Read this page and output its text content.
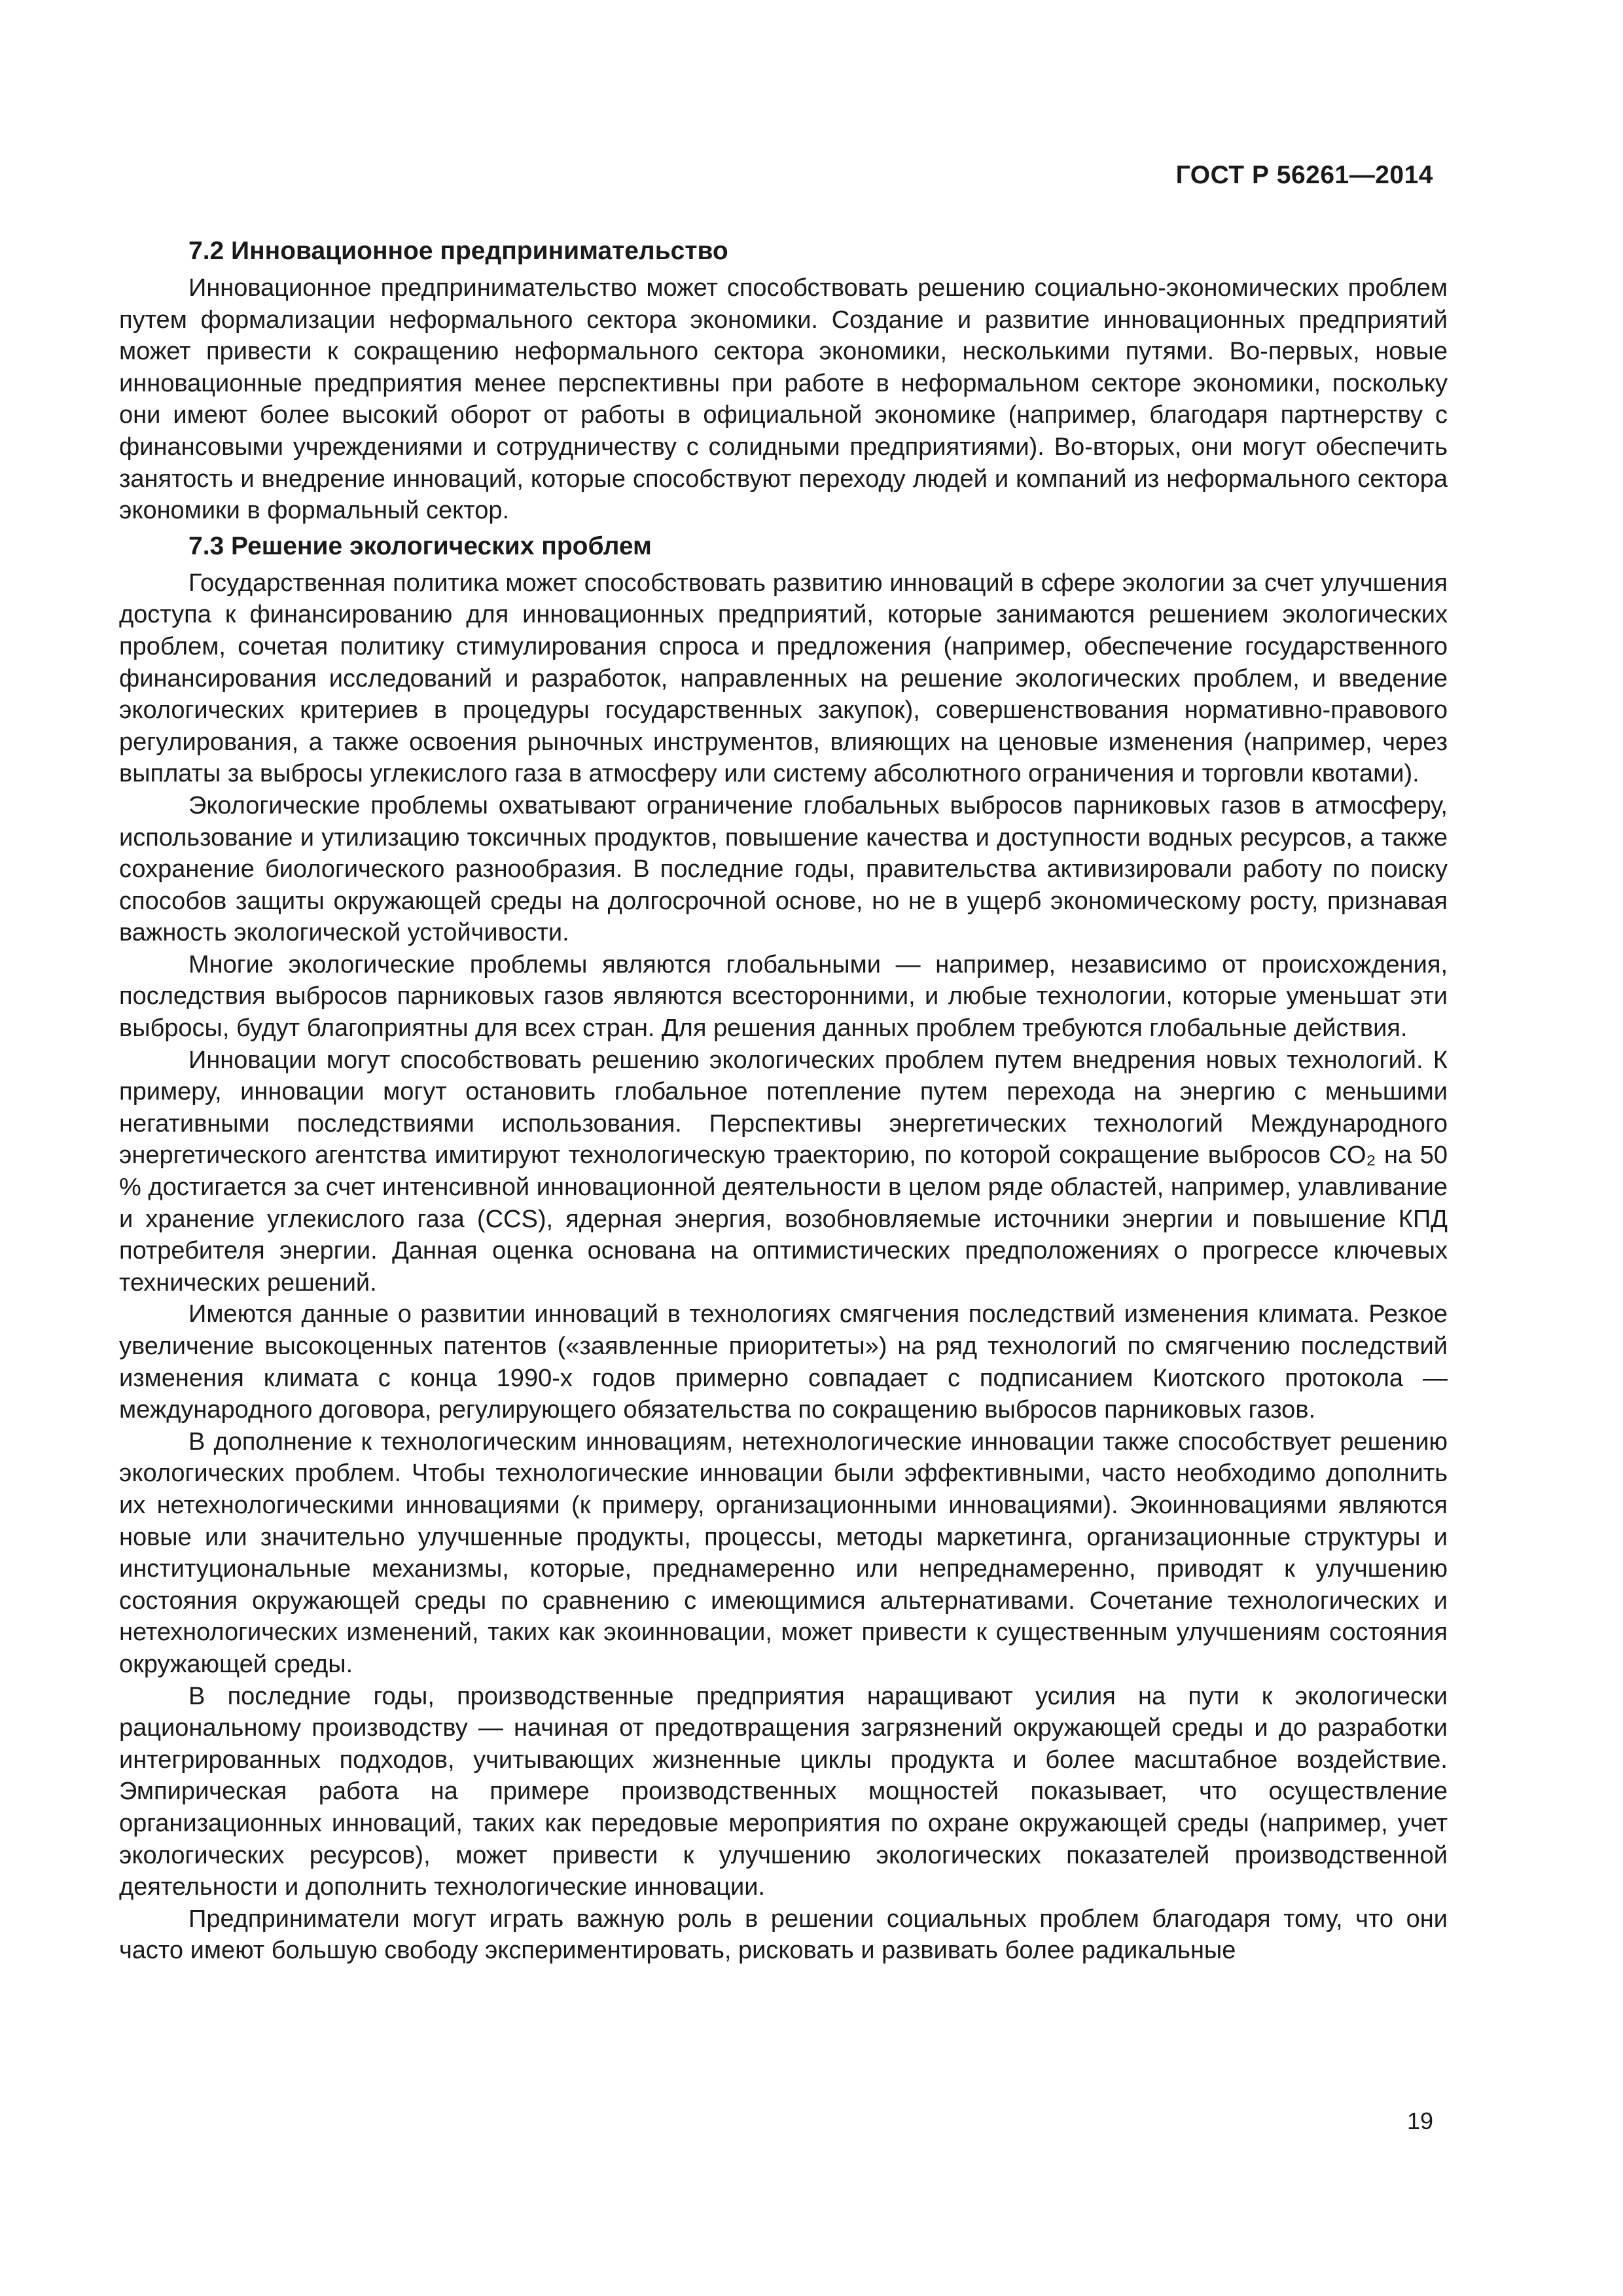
ГОСТ Р 56261—2014
7.2 Инновационное предпринимательство

Инновационное предпринимательство может способствовать решению социально-экономических проблем путем формализации неформального сектора экономики. Создание и развитие инновационных предприятий может привести к сокращению неформального сектора экономики, несколькими путями. Во-первых, новые инновационные предприятия менее перспективны при работе в неформальном секторе экономики, поскольку они имеют более высокий оборот от работы в официальной экономике (например, благодаря партнерству с финансовыми учреждениями и сотрудничеству с солидными предприятиями). Во-вторых, они могут обеспечить занятость и внедрение инноваций, которые способствуют переходу людей и компаний из неформального сектора экономики в формальный сектор.

7.3 Решение экологических проблем

Государственная политика может способствовать развитию инноваций в сфере экологии за счет улучшения доступа к финансированию для инновационных предприятий, которые занимаются решением экологических проблем, сочетая политику стимулирования спроса и предложения (например, обеспечение государственного финансирования исследований и разработок, направленных на решение экологических проблем, и введение экологических критериев в процедуры государственных закупок), совершенствования нормативно-правового регулирования, а также освоения рыночных инструментов, влияющих на ценовые изменения (например, через выплаты за выбросы углекислого газа в атмосферу или систему абсолютного ограничения и торговли квотами).

Экологические проблемы охватывают ограничение глобальных выбросов парниковых газов в атмосферу, использование и утилизацию токсичных продуктов, повышение качества и доступности водных ресурсов, а также сохранение биологического разнообразия. В последние годы, правительства активизировали работу по поиску способов защиты окружающей среды на долгосрочной основе, но не в ущерб экономическому росту, признавая важность экологической устойчивости.

Многие экологические проблемы являются глобальными — например, независимо от происхождения, последствия выбросов парниковых газов являются всесторонними, и любые технологии, которые уменьшат эти выбросы, будут благоприятны для всех стран. Для решения данных проблем требуются глобальные действия.

Инновации могут способствовать решению экологических проблем путем внедрения новых технологий. К примеру, инновации могут остановить глобальное потепление путем перехода на энергию с меньшими негативными последствиями использования. Перспективы энергетических технологий Международного энергетического агентства имитируют технологическую траекторию, по которой сокращение выбросов CO₂ на 50 % достигается за счет интенсивной инновационной деятельности в целом ряде областей, например, улавливание и хранение углекислого газа (CCS), ядерная энергия, возобновляемые источники энергии и повышение КПД потребителя энергии. Данная оценка основана на оптимистических предположениях о прогрессе ключевых технических решений.

Имеются данные о развитии инноваций в технологиях смягчения последствий изменения климата. Резкое увеличение высокоценных патентов («заявленные приоритеты») на ряд технологий по смягчению последствий изменения климата с конца 1990-х годов примерно совпадает с подписанием Киотского протокола — международного договора, регулирующего обязательства по сокращению выбросов парниковых газов.

В дополнение к технологическим инновациям, нетехнологические инновации также способствует решению экологических проблем. Чтобы технологические инновации были эффективными, часто необходимо дополнить их нетехнологическими инновациями (к примеру, организационными инновациями). Экоинновациями являются новые или значительно улучшенные продукты, процессы, методы маркетинга, организационные структуры и институциональные механизмы, которые, преднамеренно или непреднамеренно, приводят к улучшению состояния окружающей среды по сравнению с имеющимися альтернативами. Сочетание технологических и нетехнологических изменений, таких как экоинновации, может привести к существенным улучшениям состояния окружающей среды.

В последние годы, производственные предприятия наращивают усилия на пути к экологически рациональному производству — начиная от предотвращения загрязнений окружающей среды и до разработки интегрированных подходов, учитывающих жизненные циклы продукта и более масштабное воздействие. Эмпирическая работа на примере производственных мощностей показывает, что осуществление организационных инноваций, таких как передовые мероприятия по охране окружающей среды (например, учет экологических ресурсов), может привести к улучшению экологических показателей производственной деятельности и дополнить технологические инновации.

Предприниматели могут играть важную роль в решении социальных проблем благодаря тому, что они часто имеют большую свободу экспериментировать, рисковать и развивать более радикальные

19
